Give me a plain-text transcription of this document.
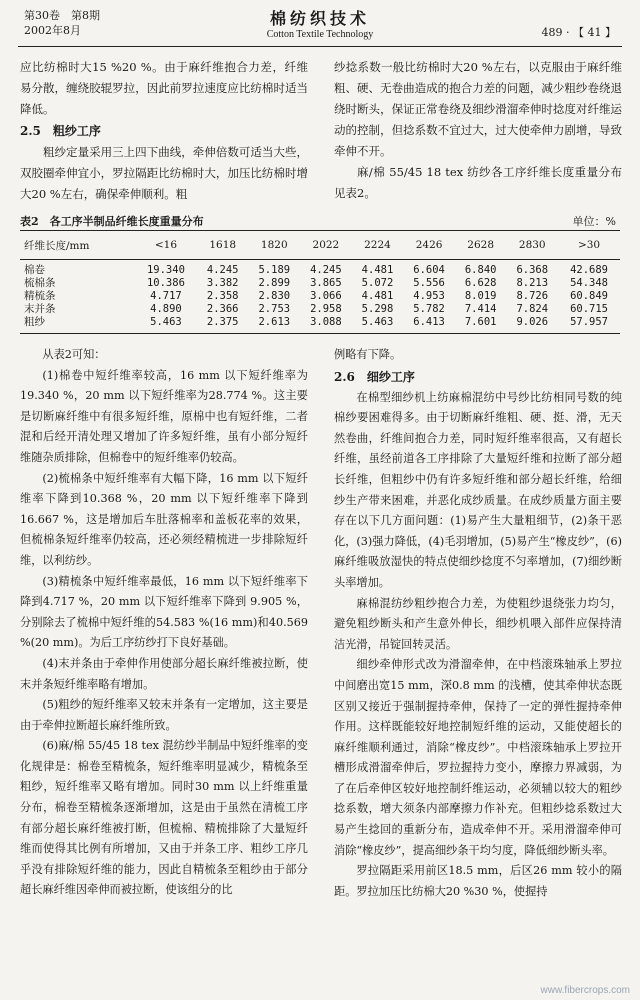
第30卷　第8期
2002年8月
棉纺织技术
Cotton Textile Technology	489 · 【 41 】

应比纺棉时大15 %20 %。由于麻纤维抱合力差，纤维易分散，缠绕胶辊罗拉，因此前罗拉速度应比纺棉时适当降低。

2.5　粗纱工序

粗纱定量采用三上四下曲线，牵伸倍数可适当大些，双胶圈牵伸宜小，罗拉隔距比纺棉时大，加压比纺棉时增大20 %左右，确保牵伸顺利。粗

纱捻系数一般比纺棉时大20 %左右，以克服由于麻纤维粗、硬、无卷曲造成的抱合力差的问题，减少粗纱卷绕退绕时断头，保证正常卷绕及细纱滑溜牵伸时捻度对纤维运动的控制，但捻系数不宜过大，过大使牵伸力剧增，导致牵伸不开。

麻/棉 55/45 18 tex 纺纱各工序纤维长度重量分布见表2。

表2　各工序半制品纤维长度重量分布	单位：%
纤维长度/mm	<16	1618	1820	2022	2224	2426	2628	2830	>30
棉卷	19.340	4.245	5.189	4.245	4.481	6.604	6.840	6.368	42.689
梳棉条	10.386	3.382	2.899	3.865	5.072	5.556	6.628	8.213	54.348
精梳条	4.717	2.358	2.830	3.066	4.481	4.953	8.019	8.726	60.849
末并条	4.890	2.366	2.753	2.958	5.298	5.782	7.414	7.824	60.715
粗纱	5.463	2.375	2.613	3.088	5.463	6.413	7.601	9.026	57.957

从表2可知：

(1)棉卷中短纤维率较高，16 mm 以下短纤维率为 19.340 %，20 mm 以下短纤维率为28.774 %。这主要是切断麻纤维中有很多短纤维，原棉中也有短纤维，二者混和后经开清处理又增加了许多短纤维，虽有小部分短纤维随杂质排除，但棉卷中的短纤维率仍较高。

(2)梳棉条中短纤维率有大幅下降，16 mm 以下短纤维率下降到10.368 %，20 mm 以下短纤维率下降到16.667 %，这是增加后车肚落棉率和盖板花率的效果，但梳棉条短纤维率仍较高，还必须经精梳进一步排除短纤维，以利纺纱。

(3)精梳条中短纤维率最低，16 mm 以下短纤维率下降到4.717 %，20 mm 以下短纤维率下降到 9.905 %，分别除去了梳棉中短纤维的54.583 %(16 mm)和40.569 %(20 mm)。为后工序纺纱打下良好基础。

(4)末并条由于牵伸作用使部分超长麻纤维被拉断，使末并条短纤维率略有增加。

(5)粗纱的短纤维率又较末并条有一定增加，这主要是由于牵伸拉断超长麻纤维所致。

(6)麻/棉 55/45 18 tex 混纺纱半制品中短纤维率的变化规律是：棉卷至精梳条，短纤维率明显减少，精梳条至粗纱，短纤维率又略有增加。同时30 mm 以上纤维重量分布，棉卷至精梳条逐渐增加，这是由于虽然在清梳工序有部分超长麻纤维被打断，但梳棉、精梳排除了大量短纤维而使得其比例有所增加，又由于并条工序、粗纱工序几乎没有排除短纤维的能力，因此自精梳条至粗纱由于部分超长麻纤维因牵伸而被拉断，使该组分的比

例略有下降。

2.6　细纱工序

在棉型细纱机上纺麻棉混纺中号纱比纺相同号数的纯棉纱要困难得多。由于切断麻纤维粗、硬、挺、滑，无天然卷曲，纤维间抱合力差，同时短纤维率很高，又有超长纤维，虽经前道各工序排除了大量短纤维和拉断了部分超长纤维，但粗纱中仍有许多短纤维和部分超长纤维，给细纱生产带来困难，并恶化成纱质量。在成纱质量方面主要存在以下几方面问题：(1)易产生大量粗细节，(2)条干恶化，(3)强力降低，(4)毛羽增加，(5)易产生“橡皮纱”，(6)麻纤维吸放湿快的特点使细纱捻度不匀率增加，(7)细纱断头率增加。

麻棉混纺纱粗纱抱合力差，为使粗纱退绕张力均匀，避免粗纱断头和产生意外伸长，细纱机喂入部件应保持清洁光滑，吊锭回转灵活。

细纱牵伸形式改为滑溜牵伸，在中档滚珠轴承上罗拉中间磨出宽15 mm，深0.8 mm 的浅槽，使其牵伸状态既区别又接近于强制握持牵伸，保持了一定的弹性握持牵伸作用。这样既能较好地控制短纤维的运动，又能使超长的麻纤维顺利通过，消除“橡皮纱”。中档滚珠轴承上罗拉开槽形成滑溜牵伸后，罗拉握持力变小，摩擦力界减弱，为了在后牵伸区较好地控制纤维运动，必须辅以较大的粗纱捻系数，增大须条内部摩擦力作补充。但粗纱捻系数过大易产生捻回的重新分布，造成牵伸不开。采用滑溜牵伸可消除“橡皮纱”，提高细纱条干均匀度，降低细纱断头率。

罗拉隔距采用前区18.5 mm，后区26 mm 较小的隔距。罗拉加压比纺棉大20 %30 %，使握持

www.fibercrops.com
